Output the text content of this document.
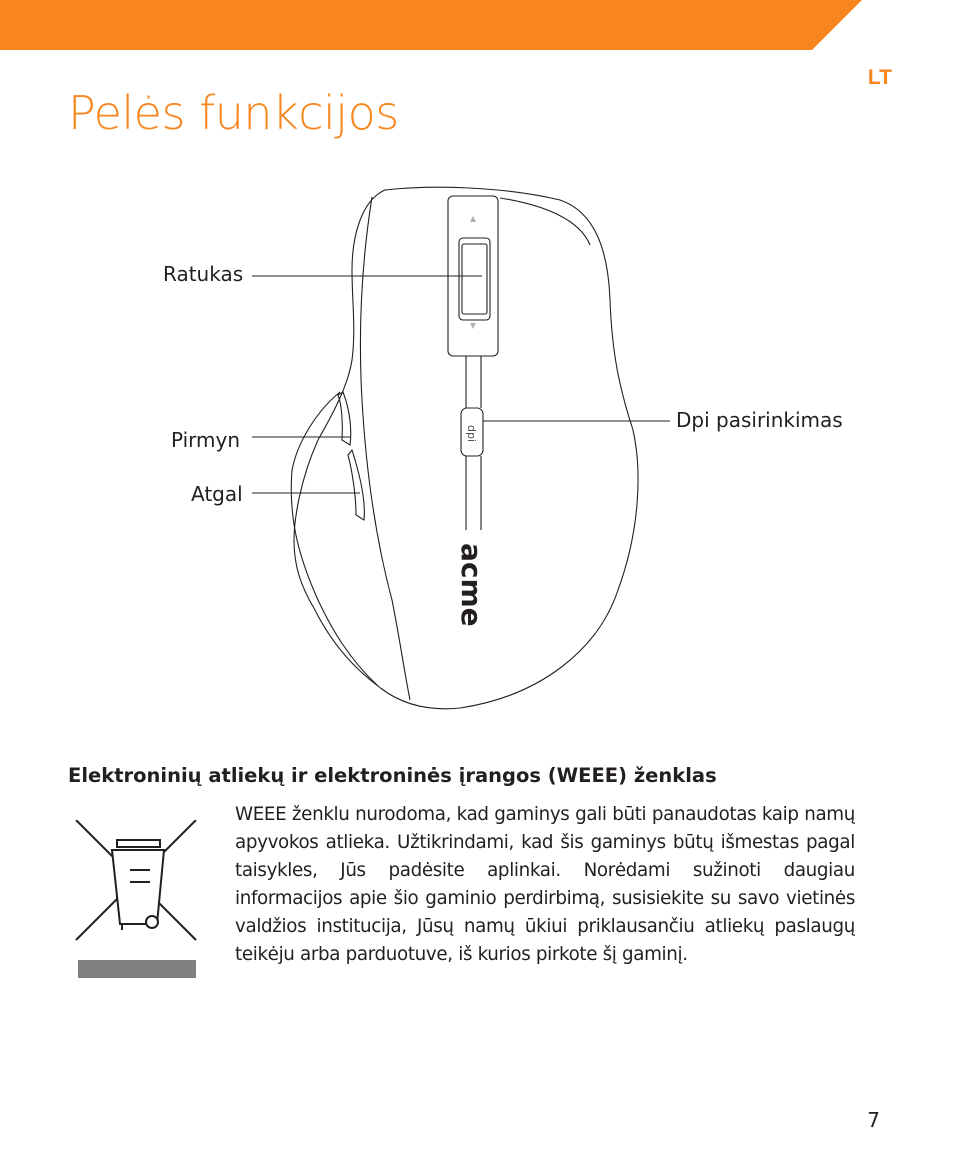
LT
Pelės funkcijos
dpi
acme
Ratukas
Pirmyn
Atgal
Dpi pasirinkimas
Elektroninių atliekų ir elektroninės įrangos (WEEE) ženklas

WEEE ženklu nurodoma, kad gaminys gali būti panaudotas kaip namų apyvokos atlieka. Užtikrindami, kad šis gaminys būtų išmestas pagal taisykles, Jūs padėsite aplinkai. Norėdami sužinoti daugiau informacijos apie šio gaminio perdirbimą, susisiekite su savo vietinės valdžios institucija, Jūsų namų ūkiui priklausančiu atliekų paslaugų teikėju arba parduotuve, iš kurios pirkote šį gaminį.

7
